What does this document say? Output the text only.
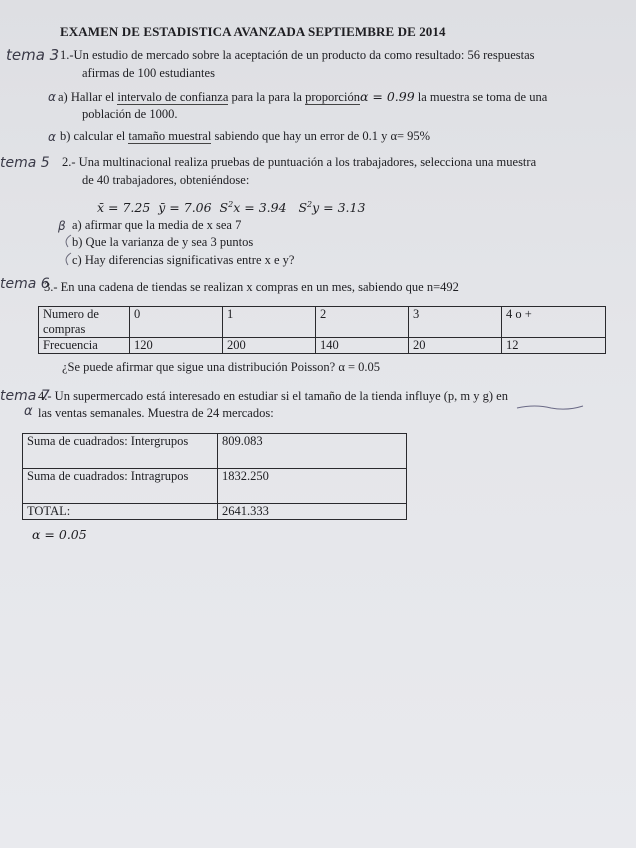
EXAMEN DE ESTADISTICA AVANZADA SEPTIEMBRE DE 2014
tema 3 1.-Un estudio de mercado sobre la aceptación de un producto da como resultado: 56 respuestas
afirmas de 100 estudiantes
α a) Hallar el intervalo de confianza para la para la proporciónα = 0.99 la muestra se toma de una
población de 1000.
α b) calcular el tamaño muestral sabiendo que hay un error de 0.1 y α= 95%
tema 5 2.- Una multinacional realiza pruebas de puntuación a los trabajadores, selecciona una muestra
de 40 trabajadores, obteniéndose:
x̄ = 7.25 ȳ = 7.06 $S^2x = 3.94$ $S^2y = 3.13$
β a) afirmar que la media de x sea 7
b) Que la varianza de y sea 3 puntos
c) Hay diferencias significativas entre x e y?
tema 6
3.- En una cadena de tiendas se realizan x compras en un mes, sabiendo que n=492
Numero de compras	0	1	2	3	4 o +
Frecuencia	120	200	140	20	12
¿Se puede afirmar que sigue una distribución Poisson? α = 0.05
tema 7
α
4.- Un supermercado está interesado en estudiar si el tamaño de la tienda influye (p, m y g) en
las ventas semanales. Muestra de 24 mercados:
Suma de cuadrados: Intergrupos	809.083
Suma de cuadrados: Intragrupos	1832.250
TOTAL:	2641.333
α = 0.05
